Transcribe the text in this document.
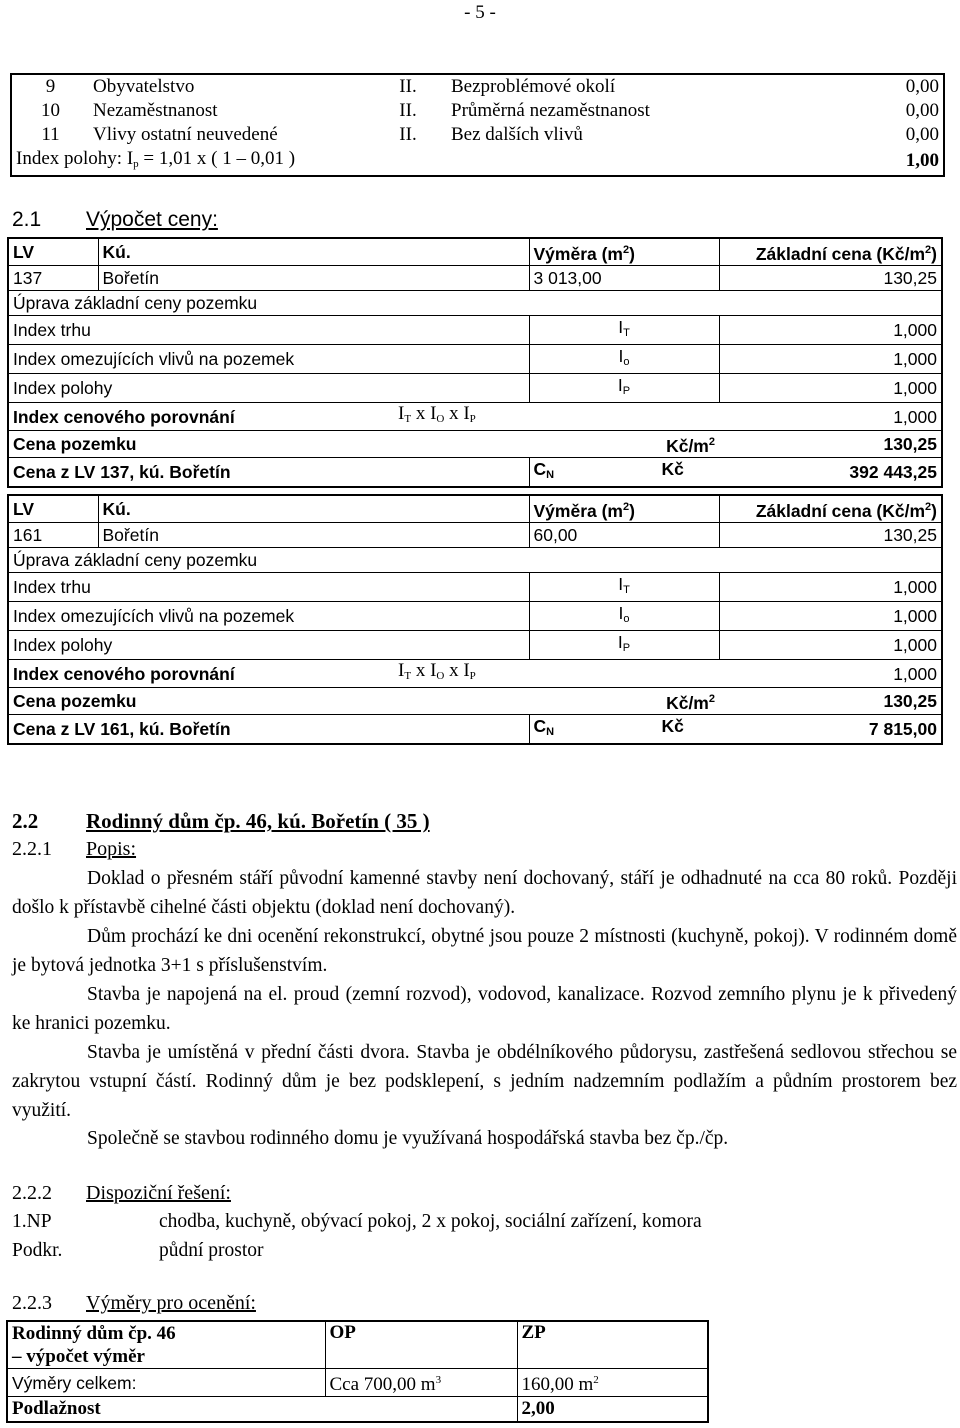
- 5 -
9	Obyvatelstvo	II.	Bezproblémové okolí	0,00
10	Nezaměstnanost	II.	Průměrná nezaměstnanost	0,00
11	Vlivy ostatní neuvedené	II.	Bez dalších vlivů	0,00
Index polohy: $I_p = 1,01$ x ( 1 – 0,01 )				1,00
2.1 Výpočet ceny:
LV	Kú.		Výměra $(m^2)$	Základní cena $(Kč/m^2)$
137	Bořetín		3 013,00	130,25
Úprava základní ceny pozemku				
Index trhu			$I_T$	1,000
Index omezujících vlivů na pozemek			$I_o$	1,000
Index polohy			$I_P$	1,000
Index cenového porovnání		$I_T$ x $I_O$ x $I_P$		1,000
Cena pozemku			$Kč/m^2$	130,25
Cena z LV 137, kú. Bořetín			$C_N$ Kč	392 443,25
LV	Kú.		Výměra $(m^2)$	Základní cena $(Kč/m^2)$
161	Bořetín		60,00	130,25
Úprava základní ceny pozemku				
Index trhu			$I_T$	1,000
Index omezujících vlivů na pozemek			$I_o$	1,000
Index polohy			$I_P$	1,000
Index cenového porovnání		$I_T$ x $I_O$ x $I_P$		1,000
Cena pozemku			$Kč/m^2$	130,25
Cena z LV 161, kú. Bořetín			$C_N$ Kč	7 815,00
2.2 Rodinný dům čp. 46, kú. Bořetín ( 35 )
2.2.1 Popis:

Doklad o přesném stáří původní kamenné stavby není dochovaný, stáří je odhadnuté na cca 80 roků. Později došlo k přístavbě cihelné části objektu (doklad není dochovaný).

Dům prochází ke dni ocenění rekonstrukcí, obytné jsou pouze 2 místnosti (kuchyně, pokoj). V rodinném domě je bytová jednotka 3+1 s příslušenstvím.

Stavba je napojená na el. proud (zemní rozvod), vodovod, kanalizace. Rozvod zemního plynu je k přivedený ke hranici pozemku.

Stavba je umístěná v přední části dvora. Stavba je obdélníkového půdorysu, zastřešená sedlovou střechou se zakrytou vstupní částí. Rodinný dům je bez podsklepení, s jedním nadzemním podlažím a půdním prostorem bez využití.

Společně se stavbou rodinného domu je využívaná hospodářská stavba bez čp./čp.

2.2.2 Dispoziční řešení:
1.NP	chodba, kuchyně, obývací pokoj, 2 x pokoj, sociální zařízení, komora
Podkr.	půdní prostor
2.2.3 Výměry pro ocenění:
Rodinný dům čp. 46
– výpočet výměr	OP	ZP
Výměry celkem:	Cca 700,00 $m^3$	160,00 $m^2$
Podlažnost		2,00
